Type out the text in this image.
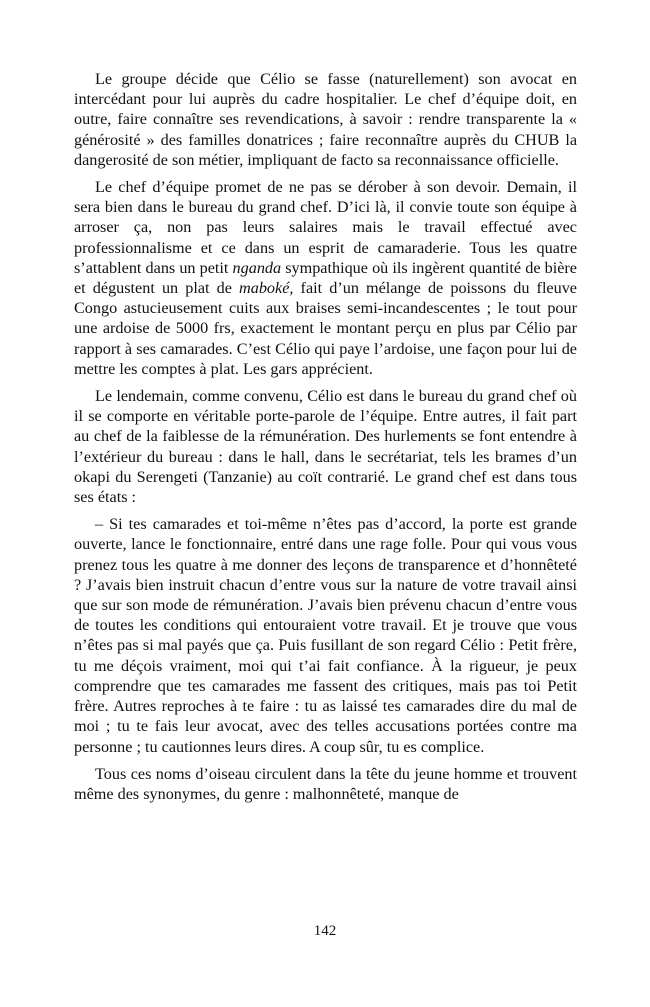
Le groupe décide que Célio se fasse (naturellement) son avocat en intercédant pour lui auprès du cadre hospitalier. Le chef d’équipe doit, en outre, faire connaître ses revendications, à savoir : rendre transparente la « générosité » des familles donatrices ; faire reconnaître auprès du CHUB la dangerosité de son métier, impliquant de facto sa reconnaissance officielle.

Le chef d’équipe promet de ne pas se dérober à son devoir. Demain, il sera bien dans le bureau du grand chef. D’ici là, il convie toute son équipe à arroser ça, non pas leurs salaires mais le travail effectué avec professionnalisme et ce dans un esprit de camaraderie. Tous les quatre s’attablent dans un petit nganda sympathique où ils ingèrent quantité de bière et dégustent un plat de maboké, fait d’un mélange de poissons du fleuve Congo astucieusement cuits aux braises semi-incandescentes ; le tout pour une ardoise de 5000 frs, exactement le montant perçu en plus par Célio par rapport à ses camarades. C’est Célio qui paye l’ardoise, une façon pour lui de mettre les comptes à plat. Les gars apprécient.

Le lendemain, comme convenu, Célio est dans le bureau du grand chef où il se comporte en véritable porte-parole de l’équipe. Entre autres, il fait part au chef de la faiblesse de la rémunération. Des hurlements se font entendre à l’extérieur du bureau : dans le hall, dans le secrétariat, tels les brames d’un okapi du Serengeti (Tanzanie) au coït contrarié. Le grand chef est dans tous ses états :

– Si tes camarades et toi-même n’êtes pas d’accord, la porte est grande ouverte, lance le fonctionnaire, entré dans une rage folle. Pour qui vous vous prenez tous les quatre à me donner des leçons de transparence et d’honnêteté ? J’avais bien instruit chacun d’entre vous sur la nature de votre travail ainsi que sur son mode de rémunération. J’avais bien prévenu chacun d’entre vous de toutes les conditions qui entouraient votre travail. Et je trouve que vous n’êtes pas si mal payés que ça. Puis fusillant de son regard Célio : Petit frère, tu me déçois vraiment, moi qui t’ai fait confiance. À la rigueur, je peux comprendre que tes camarades me fassent des critiques, mais pas toi Petit frère. Autres reproches à te faire : tu as laissé tes camarades dire du mal de moi ; tu te fais leur avocat, avec des telles accusations portées contre ma personne ; tu cautionnes leurs dires. A coup sûr, tu es complice.

Tous ces noms d’oiseau circulent dans la tête du jeune homme et trouvent même des synonymes, du genre : malhonnêteté, manque de

142
